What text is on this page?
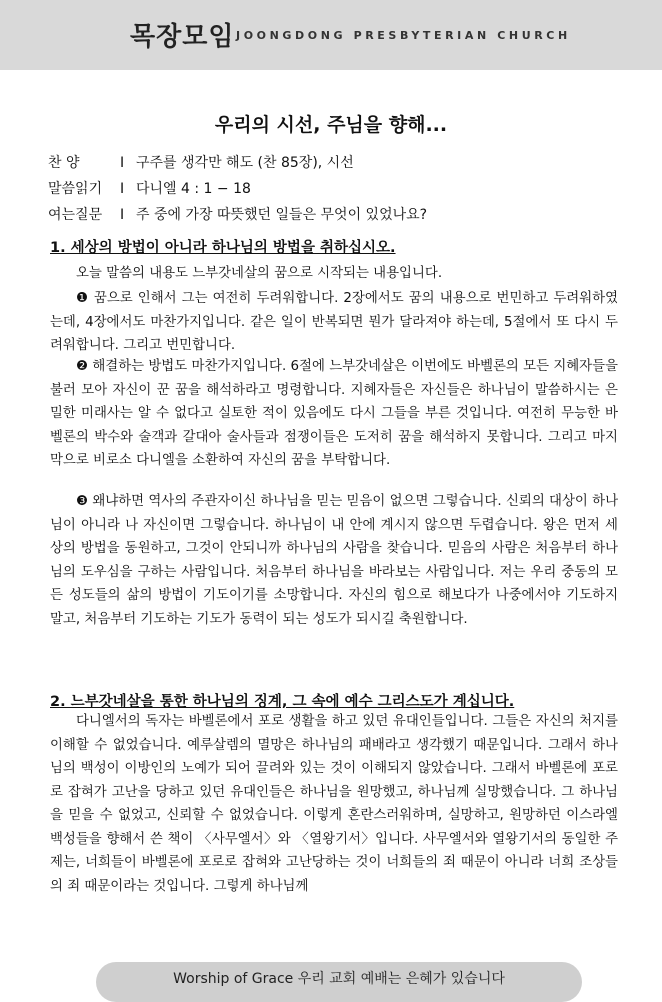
목장모임 JOONGDONG PRESBYTERIAN CHURCH
우리의 시선, 주님을 향해...
찬 양	I 구주를 생각만 해도 (찬 85장), 시선
말씀읽기 I 다니엘 4 : 1 − 18
여는질문 I 주 중에 가장 따뜻했던 일들은 무엇이 있었나요?
1. 세상의 방법이 아니라 하나님의 방법을 취하십시오.
오늘 말씀의 내용도 느부갓네살의 꿈으로 시작되는 내용입니다.
❶ 꿈으로 인해서 그는 여전히 두려워합니다. 2장에서도 꿈의 내용으로 번민하고 두려워하였는데, 4장에서도 마찬가지입니다. 같은 일이 반복되면 뭔가 달라져야 하는데, 5절에서 또 다시 두려워합니다. 그리고 번민합니다.
❷ 해결하는 방법도 마찬가지입니다. 6절에 느부갓네살은 이번에도 바벨론의 모든 지혜자들을 불러 모아 자신이 꾼 꿈을 해석하라고 명령합니다. 지혜자들은 자신들은 하나님이 말씀하시는 은밀한 미래사는 알 수 없다고 실토한 적이 있음에도 다시 그들을 부른 것입니다. 여전히 무능한 바벨론의 박수와 술객과 갈대아 술사들과 점쟁이들은 도저히 꿈을 해석하지 못합니다. 그리고 마지막으로 비로소 다니엘을 소환하여 자신의 꿈을 부탁합니다.
❸ 왜냐하면 역사의 주관자이신 하나님을 믿는 믿음이 없으면 그렇습니다. 신뢰의 대상이 하나님이 아니라 나 자신이면 그렇습니다. 하나님이 내 안에 계시지 않으면 두렵습니다. 왕은 먼저 세상의 방법을 동원하고, 그것이 안되니까 하나님의 사람을 찾습니다. 믿음의 사람은 처음부터 하나님의 도우심을 구하는 사람입니다. 처음부터 하나님을 바라보는 사람입니다. 저는 우리 중동의 모든 성도들의 삶의 방법이 기도이기를 소망합니다. 자신의 힘으로 해보다가 나중에서야 기도하지 말고, 처음부터 기도하는 기도가 동력이 되는 성도가 되시길 축원합니다.
2. 느부갓네살을 통한 하나님의 징계, 그 속에 예수 그리스도가 계십니다.
다니엘서의 독자는 바벨론에서 포로 생활을 하고 있던 유대인들입니다. 그들은 자신의 처지를 이해할 수 없었습니다. 예루살렘의 멸망은 하나님의 패배라고 생각했기 때문입니다. 그래서 하나님의 백성이 이방인의 노예가 되어 끌려와 있는 것이 이해되지 않았습니다. 그래서 바벨론에 포로로 잡혀가 고난을 당하고 있던 유대인들은 하나님을 원망했고, 하나님께 실망했습니다. 그 하나님을 믿을 수 없었고, 신뢰할 수 없었습니다. 이렇게 혼란스러워하며, 실망하고, 원망하던 이스라엘 백성들을 향해서 쓴 책이 〈사무엘서〉와 〈열왕기서〉입니다. 사무엘서와 열왕기서의 동일한 주제는, 너희들이 바벨론에 포로로 잡혀와 고난당하는 것이 너희들의 죄 때문이 아니라 너희 조상들의 죄 때문이라는 것입니다. 그렇게 하나님께
Worship of Grace 우리 교회 예배는 은혜가 있습니다
